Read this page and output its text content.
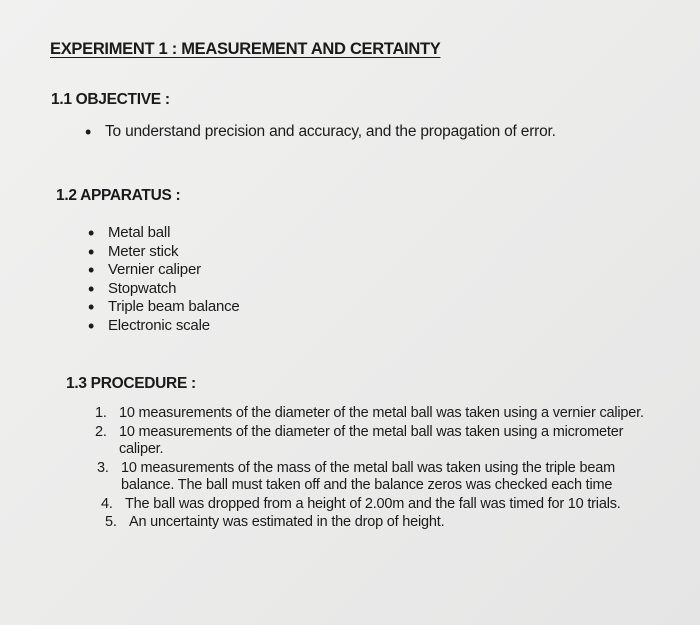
EXPERIMENT 1 : MEASUREMENT AND CERTAINTY
1.1 OBJECTIVE :
• To understand precision and accuracy, and the propagation of error.
1.2 APPARATUS :
• Metal ball
• Meter stick
• Vernier caliper
• Stopwatch
• Triple beam balance
• Electronic scale
1.3 PROCEDURE :
1. 10 measurements of the diameter of the metal ball was taken using a vernier caliper.
2. 10 measurements of the diameter of the metal ball was taken using a micrometer caliper.
3. 10 measurements of the mass of the metal ball was taken using the triple beam balance. The ball must taken off and the balance zeros was checked each time
4. The ball was dropped from a height of 2.00m and the fall was timed for 10 trials.
5. An uncertainty was estimated in the drop of height.
